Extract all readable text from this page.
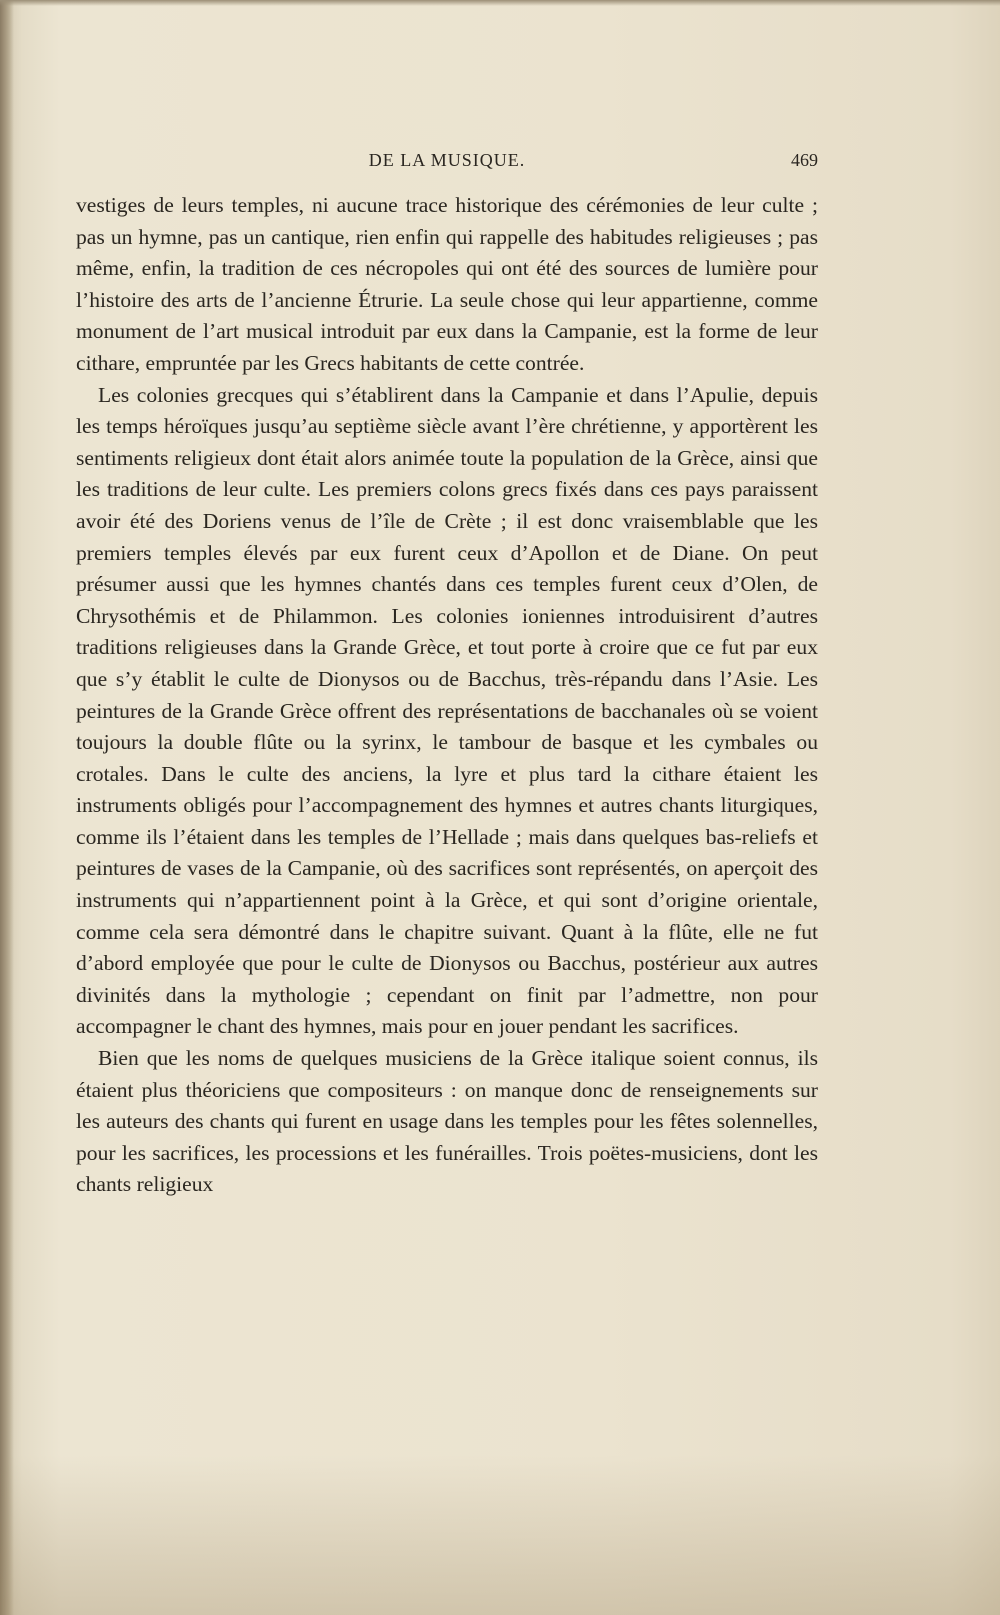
DE LA MUSIQUE.	469

vestiges de leurs temples, ni aucune trace historique des cérémonies de leur culte ; pas un hymne, pas un cantique, rien enfin qui rappelle des habitudes religieuses ; pas même, enfin, la tradition de ces nécropoles qui ont été des sources de lumière pour l’histoire des arts de l’ancienne Étrurie. La seule chose qui leur appartienne, comme monument de l’art musical introduit par eux dans la Campanie, est la forme de leur cithare, empruntée par les Grecs habitants de cette contrée.

Les colonies grecques qui s’établirent dans la Campanie et dans l’Apulie, depuis les temps héroïques jusqu’au septième siècle avant l’ère chrétienne, y apportèrent les sentiments religieux dont était alors animée toute la population de la Grèce, ainsi que les traditions de leur culte. Les premiers colons grecs fixés dans ces pays paraissent avoir été des Doriens venus de l’île de Crète ; il est donc vraisemblable que les premiers temples élevés par eux furent ceux d’Apollon et de Diane. On peut présumer aussi que les hymnes chantés dans ces temples furent ceux d’Olen, de Chrysothémis et de Philammon. Les colonies ioniennes introduisirent d’autres traditions religieuses dans la Grande Grèce, et tout porte à croire que ce fut par eux que s’y établit le culte de Dionysos ou de Bacchus, très-répandu dans l’Asie. Les peintures de la Grande Grèce offrent des représentations de bacchanales où se voient toujours la double flûte ou la syrinx, le tambour de basque et les cymbales ou crotales. Dans le culte des anciens, la lyre et plus tard la cithare étaient les instruments obligés pour l’accompagnement des hymnes et autres chants liturgiques, comme ils l’étaient dans les temples de l’Hellade ; mais dans quelques bas-reliefs et peintures de vases de la Campanie, où des sacrifices sont représentés, on aperçoit des instruments qui n’appartiennent point à la Grèce, et qui sont d’origine orientale, comme cela sera démontré dans le chapitre suivant. Quant à la flûte, elle ne fut d’abord employée que pour le culte de Dionysos ou Bacchus, postérieur aux autres divinités dans la mythologie ; cependant on finit par l’admettre, non pour accompagner le chant des hymnes, mais pour en jouer pendant les sacrifices.

Bien que les noms de quelques musiciens de la Grèce italique soient connus, ils étaient plus théoriciens que compositeurs : on manque donc de renseignements sur les auteurs des chants qui furent en usage dans les temples pour les fêtes solennelles, pour les sacrifices, les processions et les funérailles. Trois poëtes-musiciens, dont les chants religieux
